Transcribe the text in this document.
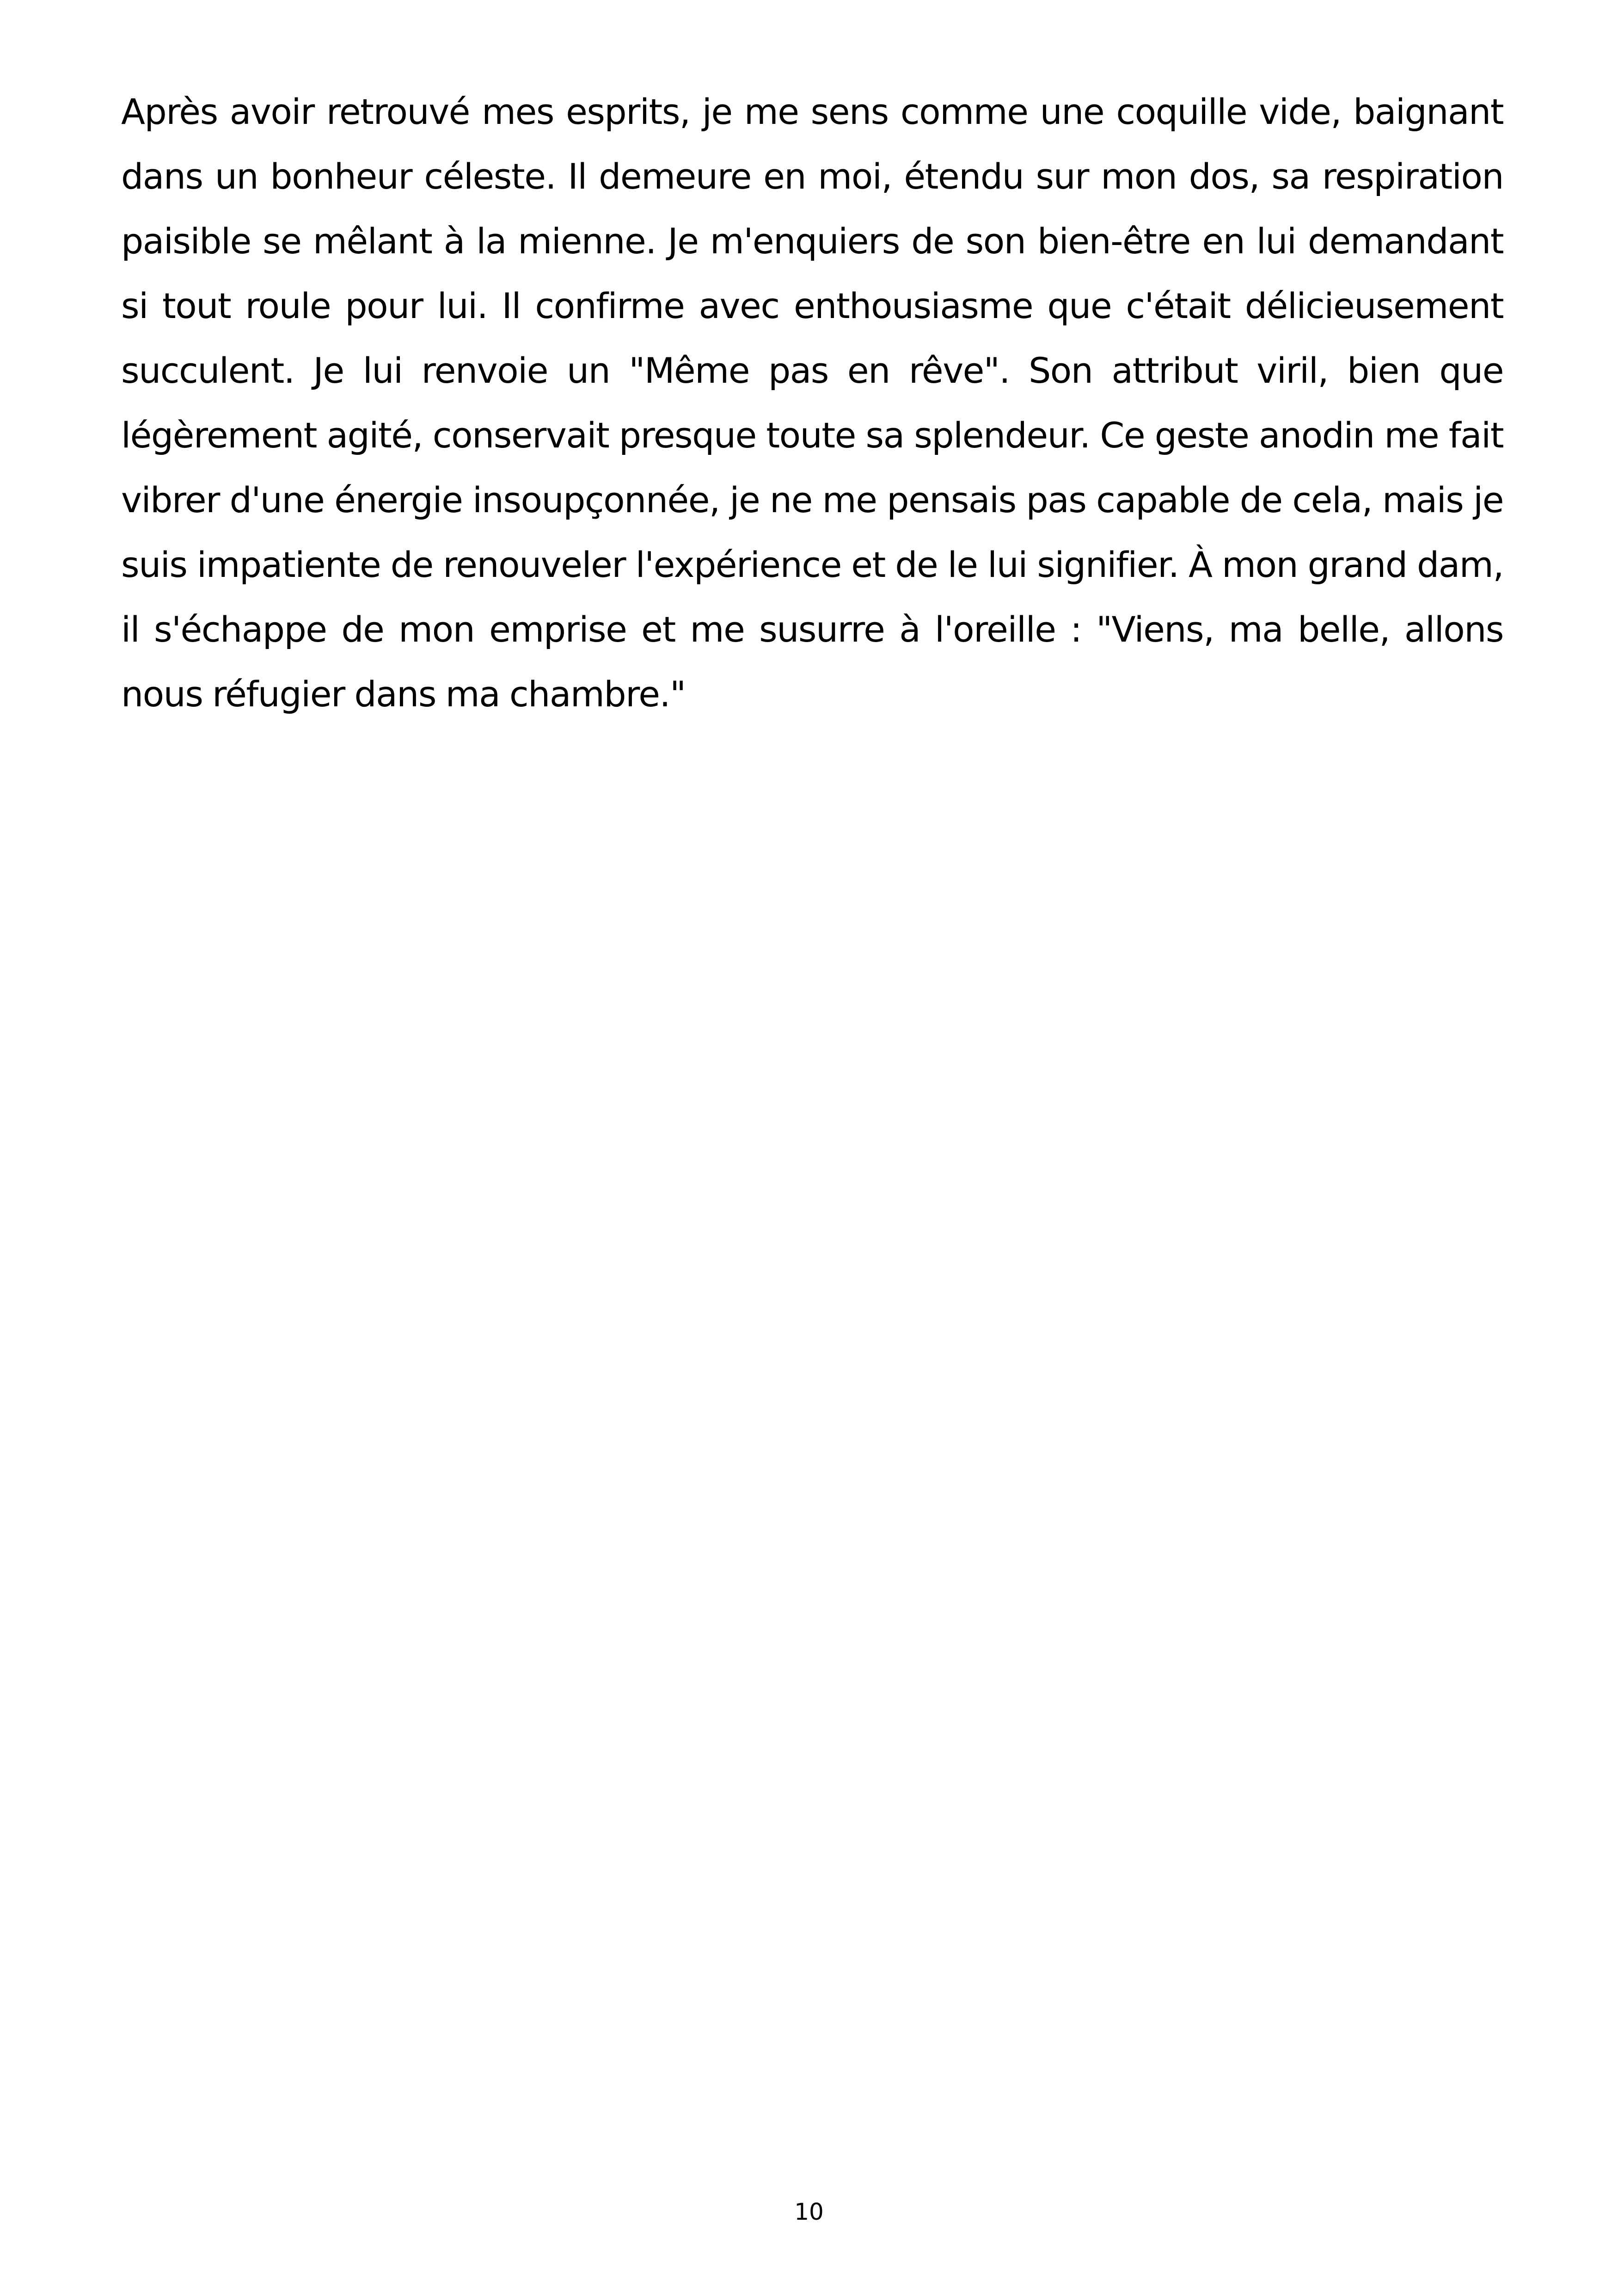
Après avoir retrouvé mes esprits, je me sens comme une coquille vide, baignant dans un bonheur céleste. Il demeure en moi, étendu sur mon dos, sa respiration paisible se mêlant à la mienne. Je m'enquiers de son bien-être en lui demandant si tout roule pour lui. Il confirme avec enthousiasme que c'était délicieusement succulent. Je lui renvoie un "Même pas en rêve". Son attribut viril, bien que légèrement agité, conservait presque toute sa splendeur. Ce geste anodin me fait vibrer d'une énergie insoupçonnée, je ne me pensais pas capable de cela, mais je suis impatiente de renouveler l'expérience et de le lui signifier. À mon grand dam, il s'échappe de mon emprise et me susurre à l'oreille : "Viens, ma belle, allons nous réfugier dans ma chambre."

10
